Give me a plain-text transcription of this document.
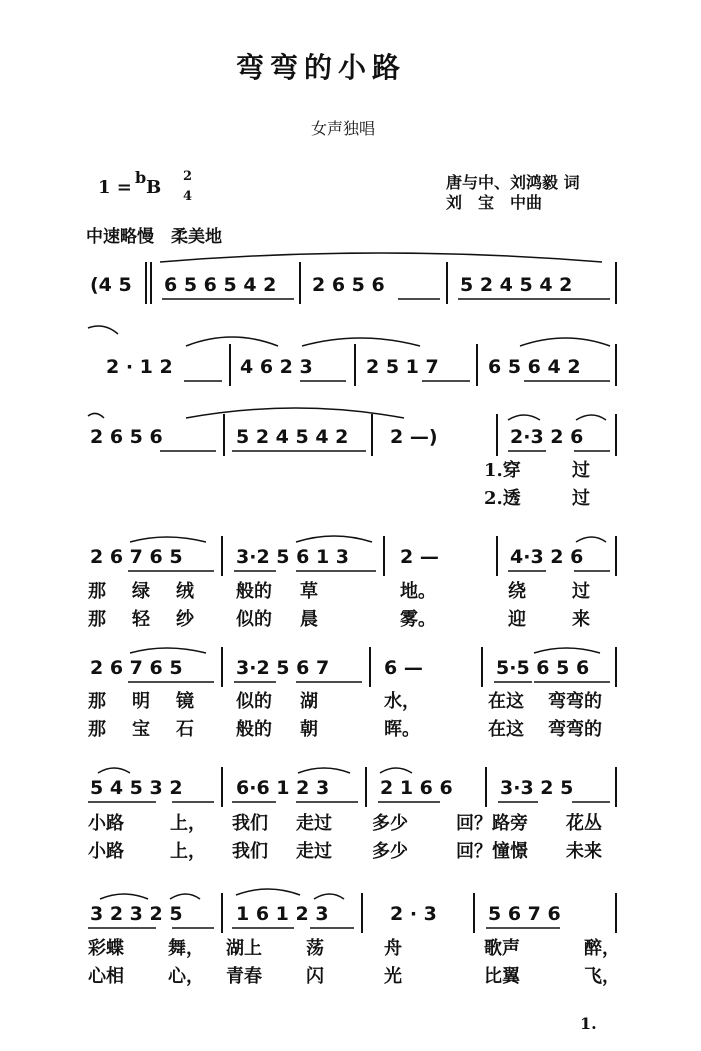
弯弯的小路
女声独唱
1 = b B
2
4
唐与中、刘鸿毅 词
刘　宝　中曲
中速略慢　柔美地
(4 5 6 5 6 5 4 2 2 6 5 6	5 2 4 5 4 2
2 · 1 2	4 6 2 3	2 5 1 7	6 5 6 4 2
2 6 5 6	5 2 4 5 4 2 2 —)	2·3 2 6
1.穿	过
2.透	过
2 6 7 6 5	3·2 5 6 1 3	2 —	4·3 2 6
那 绿 绒 般的 草	地。	绕	过
那 轻 纱 似的 晨	雾。	迎	来
2 6 7 6 5	3·2 5 6 7	6 —	5·5 6 5 6
那 明 镜 似的 湖	水，	在这 弯弯的
那 宝 石 般的 朝	晖。	在这 弯弯的
5 4 5 3 2	6·6 1 2 3	2 1 6 6 3·3 2 5
小路	上， 我们 走过 多少	回？路旁 花丛
小路	上， 我们 走过 多少	回？憧憬 未来
3 2 3 2 5	1 6 1 2 3	2 · 3	5 6 7 6
彩蝶 舞， 湖上 荡	舟	歌声	醉，
心相 心， 青春 闪	光	比翼	飞，
1.
